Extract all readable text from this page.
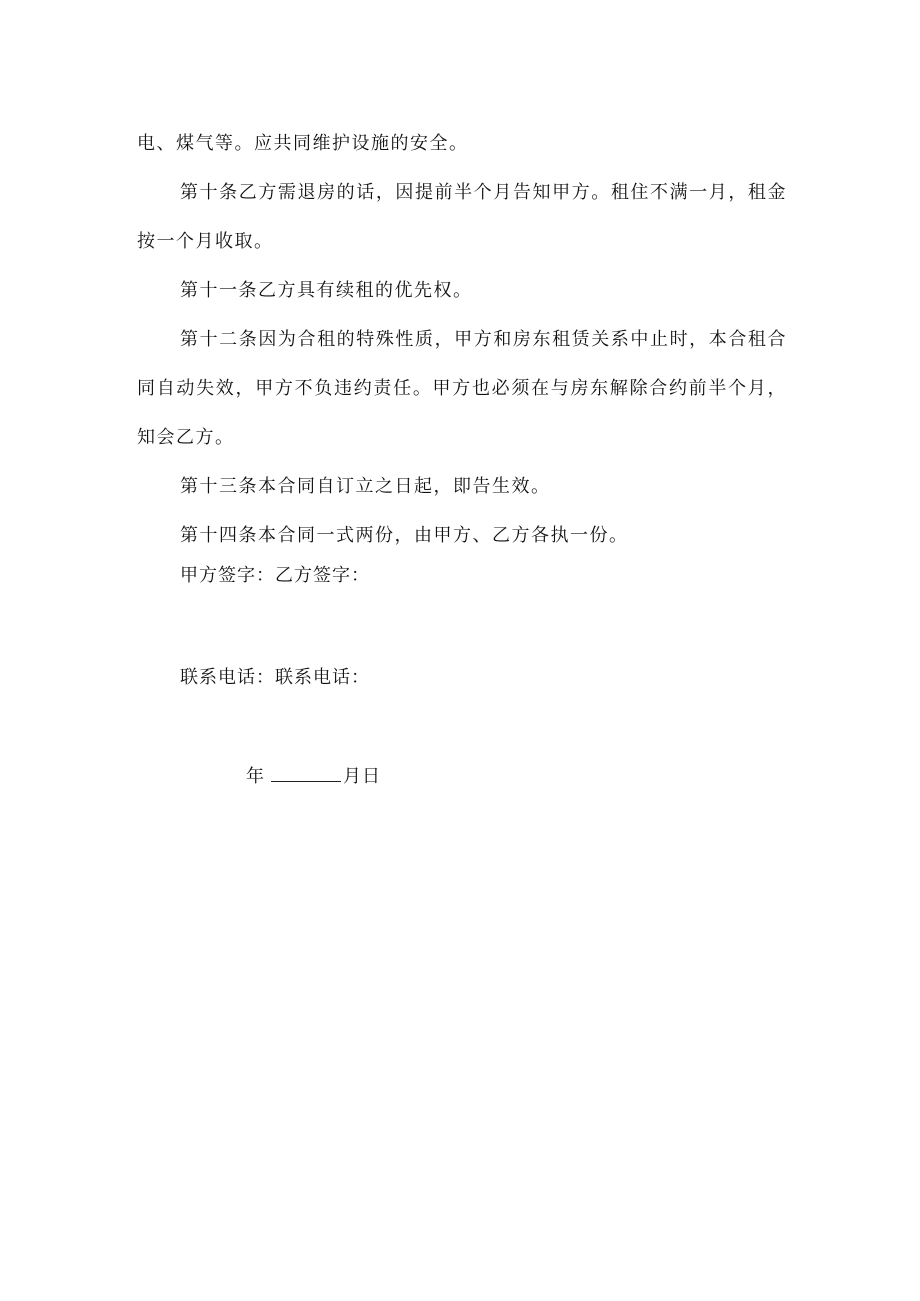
电、煤气等。应共同维护设施的安全。

第十条乙方需退房的话，因提前半个月告知甲方。租住不满一月，租金按一个月收取。

第十一条乙方具有续租的优先权。

第十二条因为合租的特殊性质，甲方和房东租赁关系中止时，本合租合同自动失效，甲方不负违约责任。甲方也必须在与房东解除合约前半个月，知会乙方。

第十三条本合同自订立之日起，即告生效。

第十四条本合同一式两份，由甲方、乙方各执一份。

甲方签字：乙方签字：
联系电话：联系电话：
年	月日
